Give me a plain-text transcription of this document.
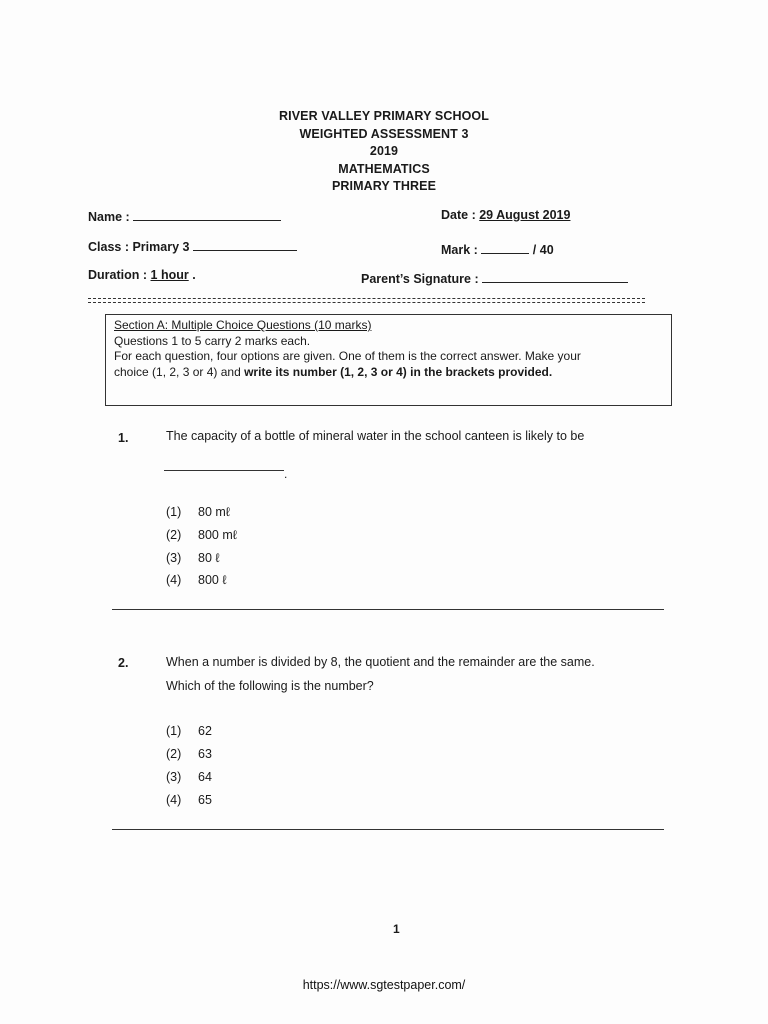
RIVER VALLEY PRIMARY SCHOOL
WEIGHTED ASSESSMENT 3
2019
MATHEMATICS
PRIMARY THREE
Name :	Date : 29 August 2019
Class : Primary 3	Mark :	/ 40
Duration : 1 hour .	Parent’s Signature :
Section A: Multiple Choice Questions (10 marks)
Questions 1 to 5 carry 2 marks each.
For each question, four options are given. One of them is the correct answer. Make your
choice (1, 2, 3 or 4) and write its number (1, 2, 3 or 4) in the brackets provided.
1.	The capacity of a bottle of mineral water in the school canteen is likely to be
.
(1) 80 mℓ
(2) 800 mℓ
(3) 80 ℓ
(4) 800 ℓ
2.	When a number is divided by 8, the quotient and the remainder are the same.
Which of the following is the number?
(1) 62
(2) 63
(3) 64
(4) 65
1
https://www.sgtestpaper.com/
